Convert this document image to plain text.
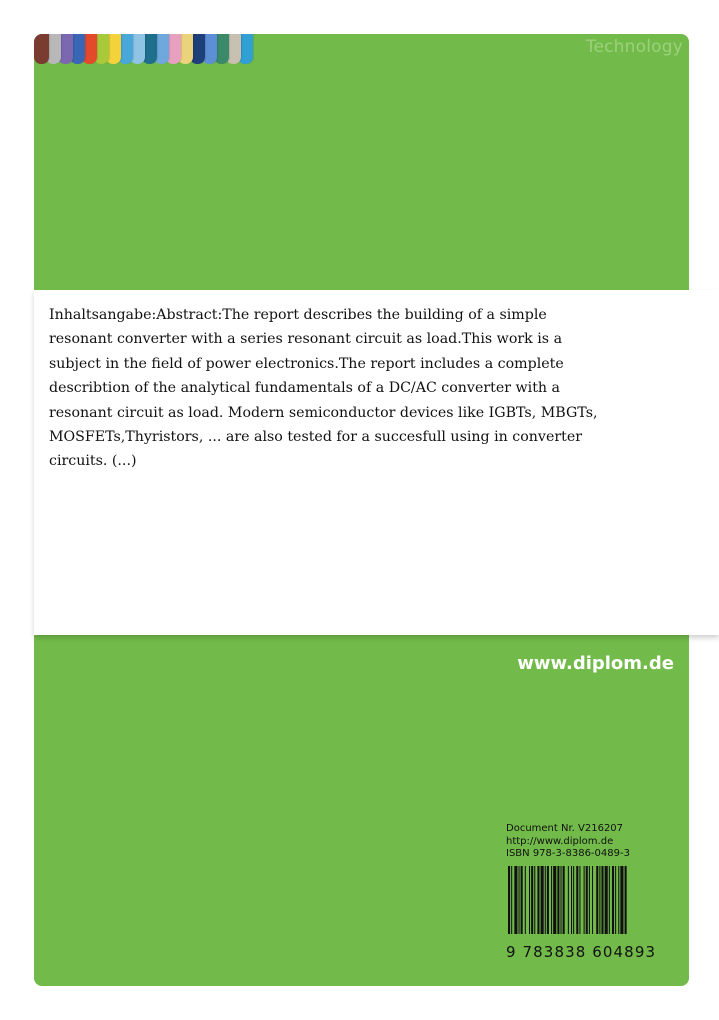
Technology

Inhaltsangabe:Abstract:The report describes the building of a simple resonant converter with a series resonant circuit as load.This work is a subject in the field of power electronics.The report includes a complete describtion of the analytical fundamentals of a DC/AC converter with a resonant circuit as load. Modern semiconductor devices like IGBTs, MBGTs, MOSFETs,Thyristors, ... are also tested for a succesfull using in converter circuits. (...)

www.diplom.de
Document Nr. V216207
http://www.diplom.de
ISBN 978-3-8386-0489-3
9 783838 604893
